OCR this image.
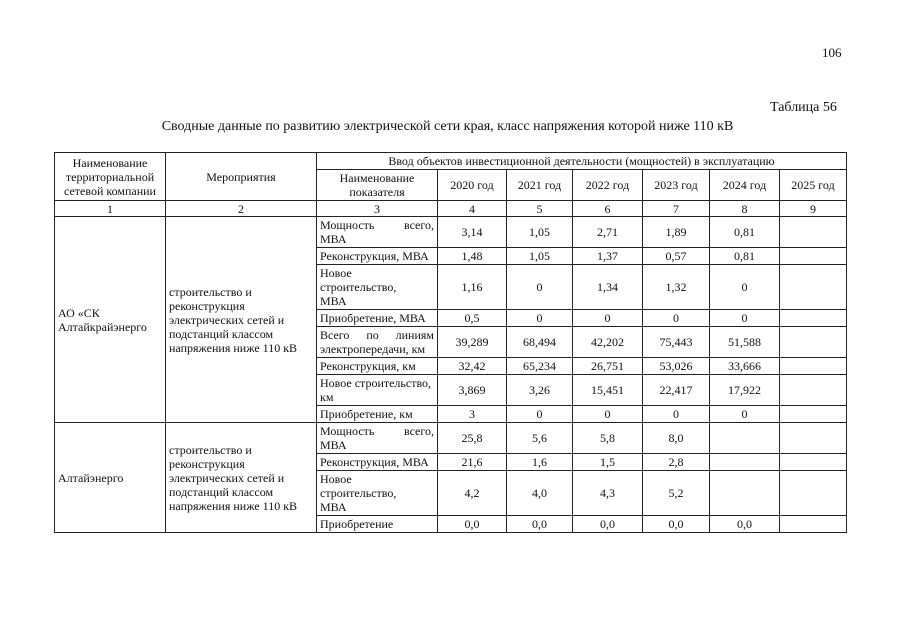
106
Таблица 56
Сводные данные по развитию электрической сети края, класс напряжения которой ниже 110 кВ
Наименование территориальной сетевой компании	Мероприятия	Ввод объектов инвестиционной деятельности (мощностей) в эксплуатацию						
		Наименование показателя	2020 год	2021 год	2022 год	2023 год	2024 год	2025 год
1	2	3	4	5	6	7	8	9
АО «СК Алтайкрайэнерго	строительство и реконструкция электрических сетей и подстанций классом напряжения ниже 110 кВ	Мощность всего, МВА	3,14	1,05	2,71	1,89	0,81	
		Реконструкция, МВА	1,48	1,05	1,37	0,57	0,81	
		Новое строительство, МВА	1,16	0	1,34	1,32	0	
		Приобретение, МВА	0,5	0	0	0	0	
		Всего по линиям электропередачи, км	39,289	68,494	42,202	75,443	51,588	
		Реконструкция, км	32,42	65,234	26,751	53,026	33,666	
		Новое строительство, км	3,869	3,26	15,451	22,417	17,922	
		Приобретение, км	3	0	0	0	0	
Алтайэнерго	строительство и реконструкция электрических сетей и подстанций классом напряжения ниже 110 кВ	Мощность всего, МВА	25,8	5,6	5,8	8,0		
		Реконструкция, МВА	21,6	1,6	1,5	2,8		
		Новое строительство, МВА	4,2	4,0	4,3	5,2		
		Приобретение	0,0	0,0	0,0	0,0	0,0	
